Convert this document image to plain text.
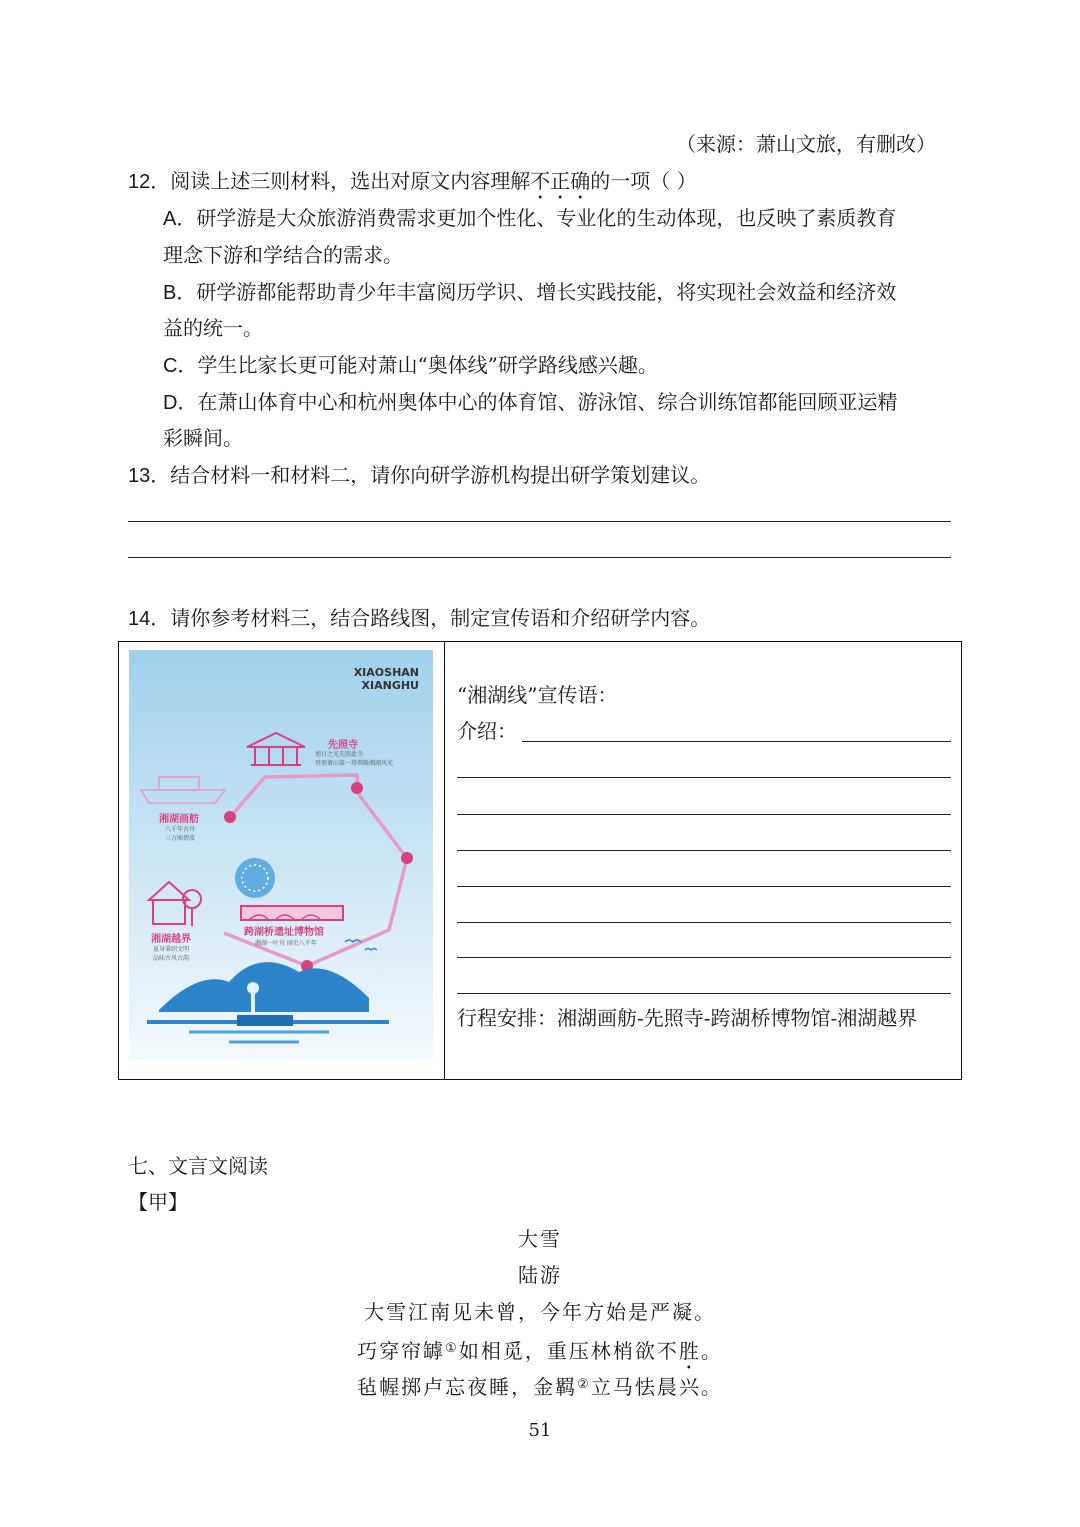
（来源：萧山文旅，有删改）
12．阅读上述三则材料，选出对原文内容理解不正确的一项（ ）
A．研学游是大众旅游消费需求更加个性化、专业化的生动体现，也反映了素质教育
理念下游和学结合的需求。
B．研学游都能帮助青少年丰富阅历学识、增长实践技能，将实现社会效益和经济效
益的统一。
C．学生比家长更可能对萧山“奥体线”研学路线感兴趣。
D．在萧山体育中心和杭州奥体中心的体育馆、游泳馆、综合训练馆都能回顾亚运精
彩瞬间。
13．结合材料一和材料二，请你向研学游机构提出研学策划建议。
14．请你参考材料三，结合路线图，制定宣传语和介绍研学内容。
XIAOSHAN
XIANGHU
先照寺
旭日之光先照此寺
登顶萧山第一塔领略湘湖风光
湘湖画舫
八千年古舟
三万顷碧波
湘湖越界
夏身秉绍文明
品味古风古韵
跨湖桥遗址博物馆
湘湖一叶舟 闻史八千年
“湘湖线”宣传语：
介绍：
行程安排：湘湖画舫-先照寺-跨湖桥博物馆-湘湖越界
七、文言文阅读
【甲】
大雪
陆游
大雪江南见未曾，今年方始是严凝。
巧穿帘罅①如相觅，重压林梢欲不胜。
毡幄掷卢忘夜睡，金羁②立马怯晨兴。
51
